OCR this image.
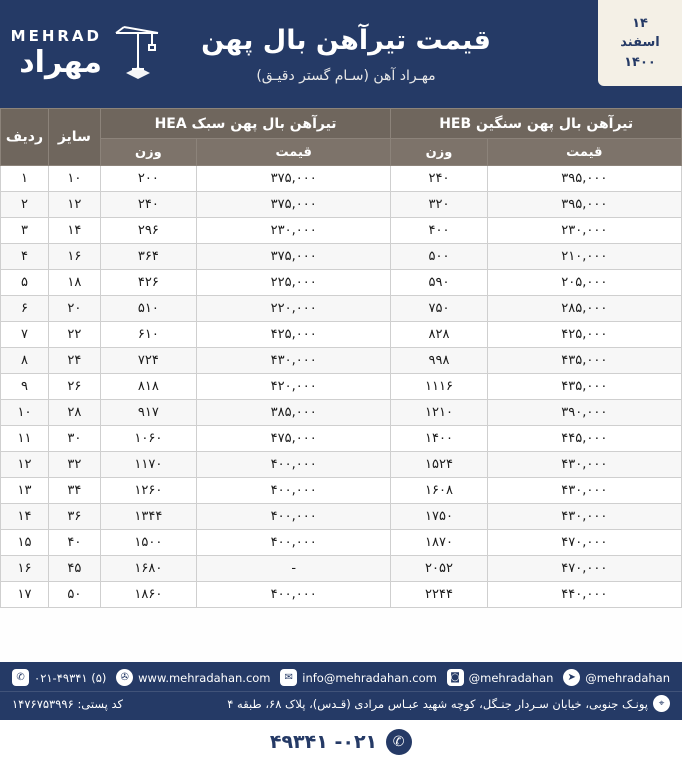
۱۴
اسفند
۱۴۰۰
قیمت تیرآهن بال پهن
مهـراد آهن (سـام گستر دقیـق)
MEHRAD
مهراد
تیرآهن بال پهن سنگین HEB		تیرآهن بال پهن سبک HEA		سایز	ردیف
قیمت	وزن	قیمت	وزن		
۳۹۵,۰۰۰	۲۴۰	۳۷۵,۰۰۰	۲۰۰	۱۰	۱
۳۹۵,۰۰۰	۳۲۰	۳۷۵,۰۰۰	۲۴۰	۱۲	۲
۲۳۰,۰۰۰	۴۰۰	۲۳۰,۰۰۰	۲۹۶	۱۴	۳
۲۱۰,۰۰۰	۵۰۰	۳۷۵,۰۰۰	۳۶۴	۱۶	۴
۲۰۵,۰۰۰	۵۹۰	۲۲۵,۰۰۰	۴۲۶	۱۸	۵
۲۸۵,۰۰۰	۷۵۰	۲۲۰,۰۰۰	۵۱۰	۲۰	۶
۴۲۵,۰۰۰	۸۲۸	۴۲۵,۰۰۰	۶۱۰	۲۲	۷
۴۳۵,۰۰۰	۹۹۸	۴۳۰,۰۰۰	۷۲۴	۲۴	۸
۴۳۵,۰۰۰	۱۱۱۶	۴۲۰,۰۰۰	۸۱۸	۲۶	۹
۳۹۰,۰۰۰	۱۲۱۰	۳۸۵,۰۰۰	۹۱۷	۲۸	۱۰
۴۴۵,۰۰۰	۱۴۰۰	۴۷۵,۰۰۰	۱۰۶۰	۳۰	۱۱
۴۳۰,۰۰۰	۱۵۲۴	۴۰۰,۰۰۰	۱۱۷۰	۳۲	۱۲
۴۳۰,۰۰۰	۱۶۰۸	۴۰۰,۰۰۰	۱۲۶۰	۳۴	۱۳
۴۳۰,۰۰۰	۱۷۵۰	۴۰۰,۰۰۰	۱۳۴۴	۳۶	۱۴
۴۷۰,۰۰۰	۱۸۷۰	۴۰۰,۰۰۰	۱۵۰۰	۴۰	۱۵
۴۷۰,۰۰۰	۲۰۵۲	-	۱۶۸۰	۴۵	۱۶
۴۴۰,۰۰۰	۲۲۴۴	۴۰۰,۰۰۰	۱۸۶۰	۵۰	۱۷
➤ @mehradahan
◙ @mehradahan
✉ info@mehradahan.com
✇ www.mehradahan.com
✆ ۰۲۱-۴۹۳۴۱ (۵)
⌖
پونـک جنوبی، خیابان سـردار جنـگل، کوچه شهید عبـاس مرادی (قـدس)، پلاک ۶۸، طبقه ۴
کد پستی: ۱۴۷۶۷۵۳۹۹۶
✆
۰۲۱- ۴۹۳۴۱
